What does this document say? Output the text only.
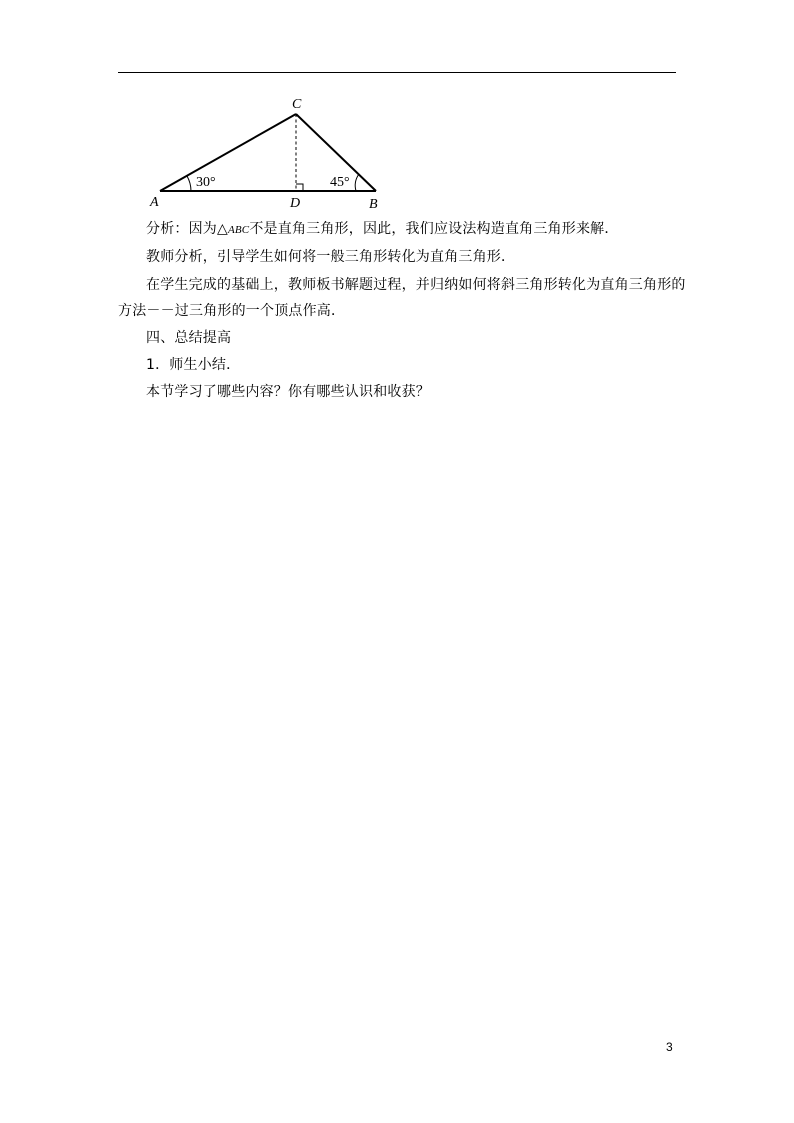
30°	45°
A	B
C
D

分析：因为△ABC不是直角三角形，因此，我们应设法构造直角三角形来解．

教师分析，引导学生如何将一般三角形转化为直角三角形．

在学生完成的基础上，教师板书解题过程，并归纳如何将斜三角形转化为直角三角形的

方法－－过三角形的一个顶点作高．

四、总结提高

1．师生小结．

本节学习了哪些内容？你有哪些认识和收获？

3
